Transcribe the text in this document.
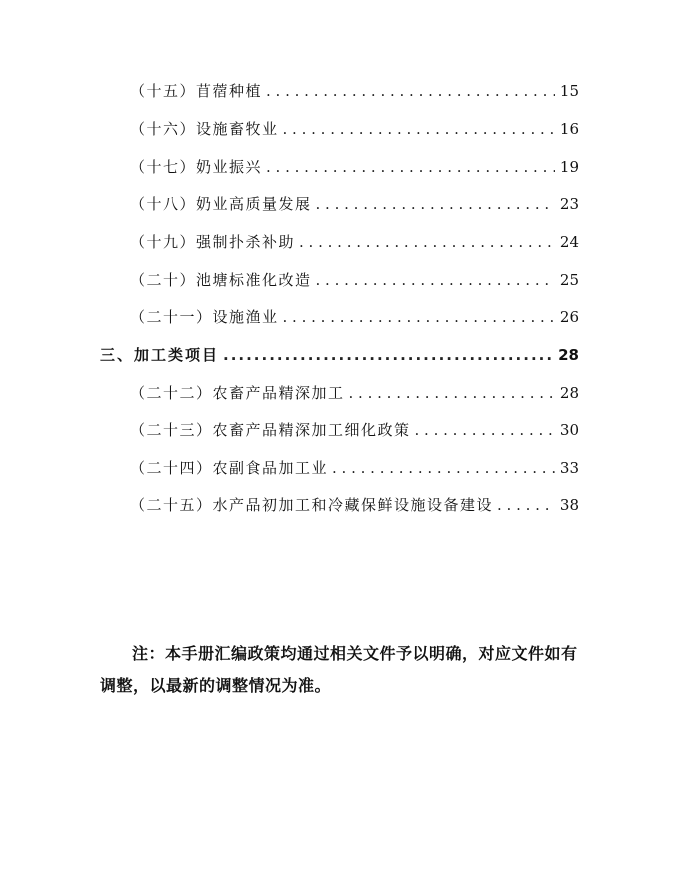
（十五）苜蓿种植 . . .	15
（十六）设施畜牧业 . . .	16
（十七）奶业振兴 . . .	19
（十八）奶业高质量发展 . . .	23
（十九）强制扑杀补助 . . .	24
（二十）池塘标准化改造 . . .	25
（二十一）设施渔业 . . .	26
三、加工类项目 .....	28
（二十二）农畜产品精深加工 . . .	28
（二十三）农畜产品精深加工细化政策 . . .	30
（二十四）农副食品加工业 . . .	33
（二十五）水产品初加工和冷藏保鲜设施设备建设 . . .	38

注：本手册汇编政策均通过相关文件予以明确，对应文件如有调整，以最新的调整情况为准。
